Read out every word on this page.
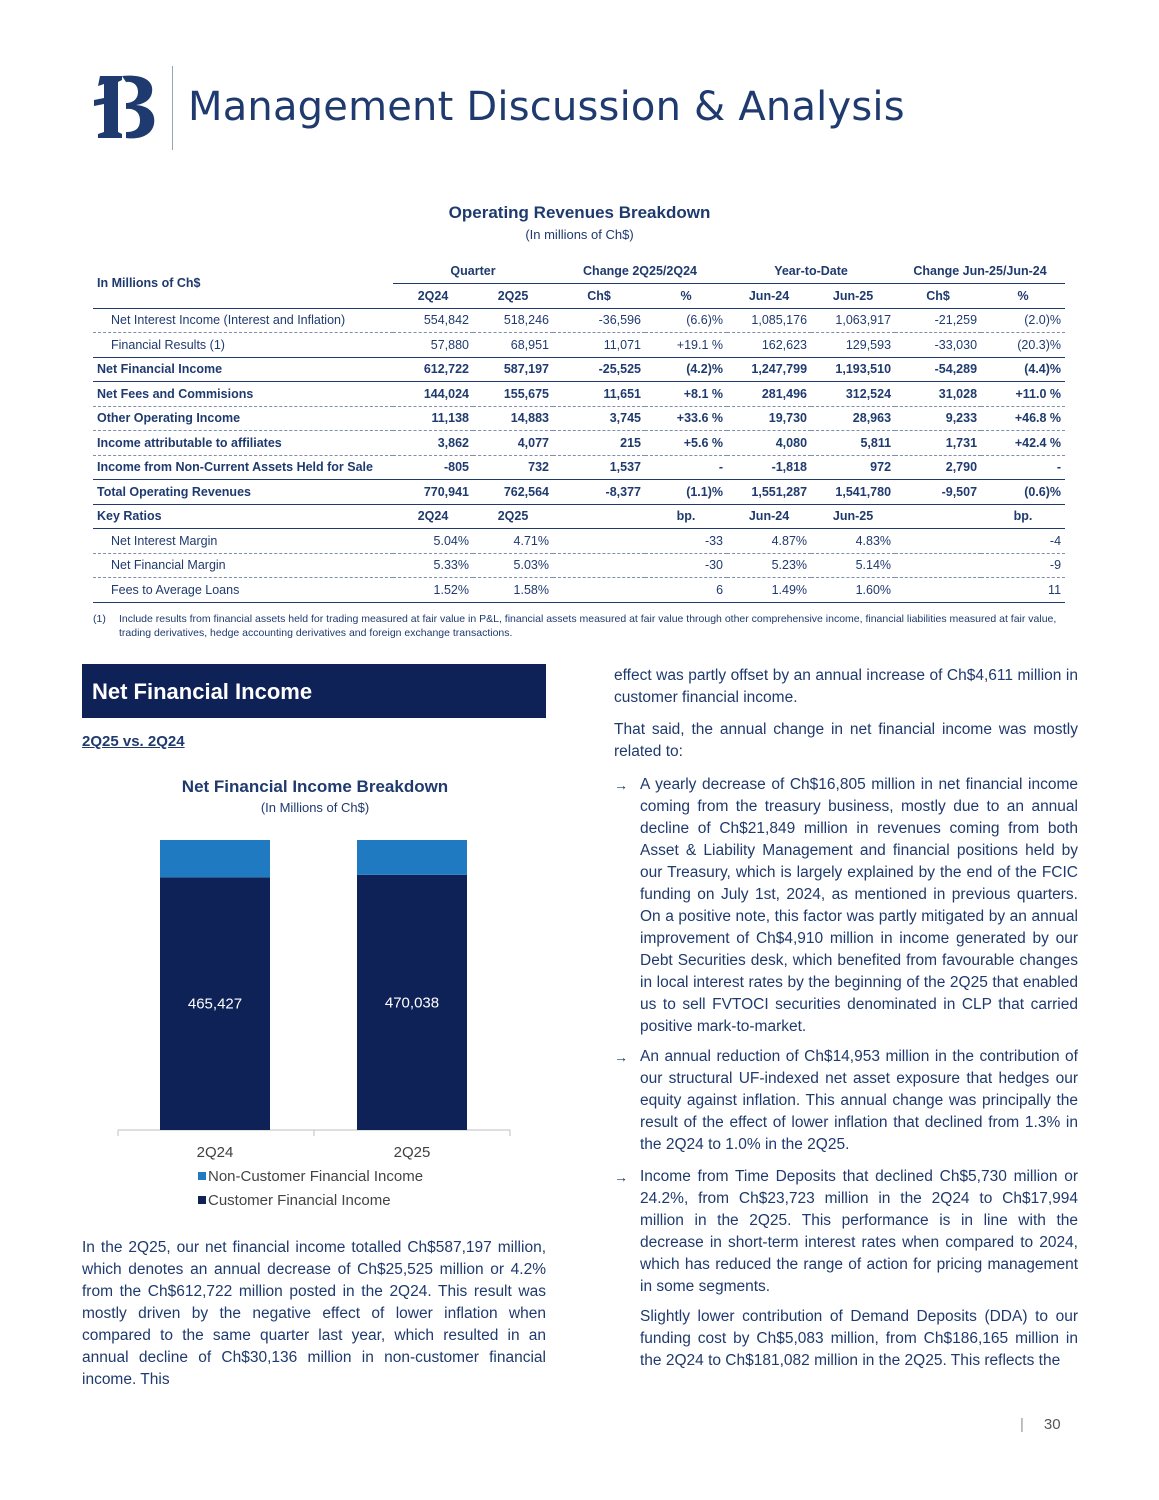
Management Discussion & Analysis
Operating Revenues Breakdown
(In millions of Ch$)
In Millions of Ch$	Quarter		Change 2Q25/2Q24		Year-to-Date		Change Jun-25/Jun-24	
	2Q24	2Q25	Ch$	%	Jun-24	Jun-25	Ch$	%
Net Interest Income (Interest and Inflation)	554,842	518,246	-36,596	(6.6)%	1,085,176	1,063,917	-21,259	(2.0)%
Financial Results (1)	57,880	68,951	11,071	+19.1 %	162,623	129,593	-33,030	(20.3)%
Net Financial Income	612,722	587,197	-25,525	(4.2)%	1,247,799	1,193,510	-54,289	(4.4)%
Net Fees and Commisions	144,024	155,675	11,651	+8.1 %	281,496	312,524	31,028	+11.0 %
Other Operating Income	11,138	14,883	3,745	+33.6 %	19,730	28,963	9,233	+46.8 %
Income attributable to affiliates	3,862	4,077	215	+5.6 %	4,080	5,811	1,731	+42.4 %
Income from Non-Current Assets Held for Sale	-805	732	1,537	-	-1,818	972	2,790	-
Total Operating Revenues	770,941	762,564	-8,377	(1.1)%	1,551,287	1,541,780	-9,507	(0.6)%
Key Ratios	2Q24	2Q25		bp.	Jun-24	Jun-25		bp.
Net Interest Margin	5.04%	4.71%		-33	4.87%	4.83%		-4
Net Financial Margin	5.33%	5.03%		-30	5.23%	5.14%		-9
Fees to Average Loans	1.52%	1.58%		6	1.49%	1.60%		11
(1)	Include results from financial assets held for trading measured at fair value in P&L, financial assets measured at fair value through other comprehensive income, financial liabilities measured at fair value, trading derivatives, hedge accounting derivatives and foreign exchange transactions.
Net Financial Income
2Q25 vs. 2Q24
Net Financial Income Breakdown
(In Millions of Ch$)
465,427
2Q24
470,038
2Q25
Non-Customer Financial Income
Customer Financial Income
In the 2Q25, our net financial income totalled Ch$587,197 million, which denotes an annual decrease of Ch$25,525 million or 4.2% from the Ch$612,722 million posted in the 2Q24. This result was mostly driven by the negative effect of lower inflation when compared to the same quarter last year, which resulted in an annual decline of Ch$30,136 million in non-customer financial income. This
effect was partly offset by an annual increase of Ch$4,611 million in customer financial income.
That said, the annual change in net financial income was mostly related to:
→ A yearly decrease of Ch$16,805 million in net financial income coming from the treasury business, mostly due to an annual decline of Ch$21,849 million in revenues coming from both Asset & Liability Management and financial positions held by our Treasury, which is largely explained by the end of the FCIC funding on July 1st, 2024, as mentioned in previous quarters. On a positive note, this factor was partly mitigated by an annual improvement of Ch$4,910 million in income generated by our Debt Securities desk, which benefited from favourable changes in local interest rates by the beginning of the 2Q25 that enabled us to sell FVTOCI securities denominated in CLP that carried positive mark-to-market.
→ An annual reduction of Ch$14,953 million in the contribution of our structural UF-indexed net asset exposure that hedges our equity against inflation. This annual change was principally the result of the effect of lower inflation that declined from 1.3% in the 2Q24 to 1.0% in the 2Q25.
→ Income from Time Deposits that declined Ch$5,730 million or 24.2%, from Ch$23,723 million in the 2Q24 to Ch$17,994 million in the 2Q25. This performance is in line with the decrease in short-term interest rates when compared to 2024, which has reduced the range of action for pricing management in some segments.
Slightly lower contribution of Demand Deposits (DDA) to our funding cost by Ch$5,083 million, from Ch$186,165 million in the 2Q24 to Ch$181,082 million in the 2Q25. This reflects the
| 30
